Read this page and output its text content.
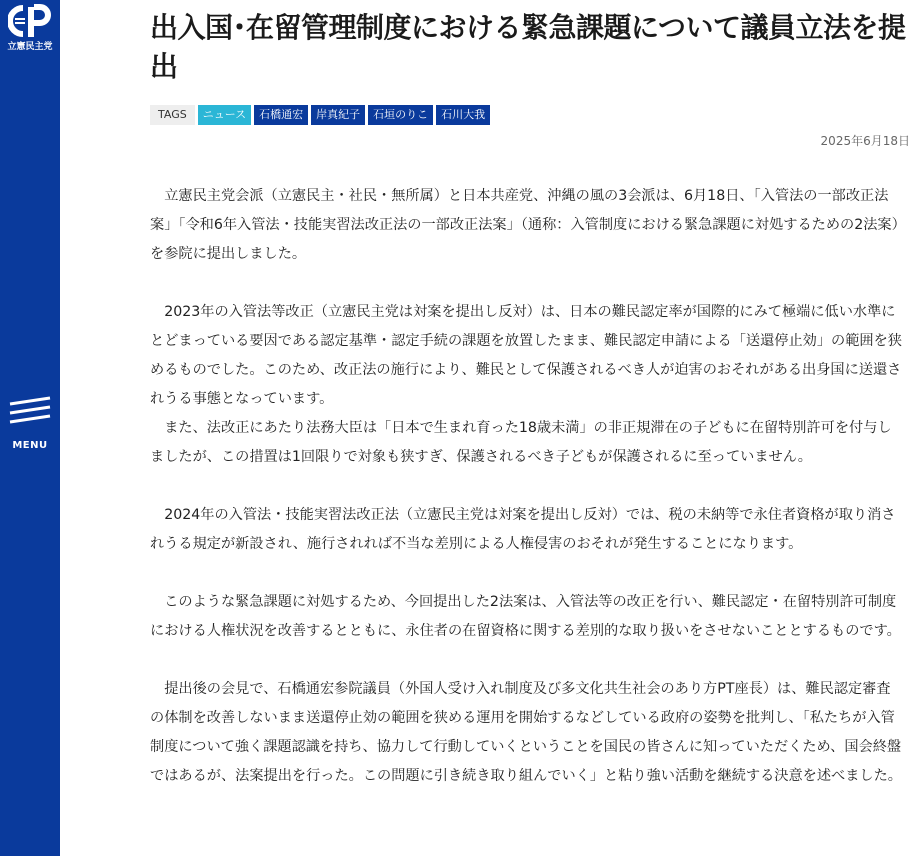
立憲民主党
MENU
出入国･在留管理制度における緊急課題について議員立法を提出
TAGS	ニュース	石橋通宏	岸真紀子	石垣のりこ	石川大我
2025年6月18日

立憲民主党会派（立憲民主・社民・無所属）と日本共産党、沖縄の風の3会派は、6月18日、「入管法の一部改正法案」「令和6年入管法・技能実習法改正法の一部改正法案」（通称：入管制度における緊急課題に対処するための2法案）を参院に提出しました。

2023年の入管法等改正（立憲民主党は対案を提出し反対）は、日本の難民認定率が国際的にみて極端に低い水準にとどまっている要因である認定基準・認定手続の課題を放置したまま、難民認定申請による「送還停止効」の範囲を狭めるものでした。このため、改正法の施行により、難民として保護されるべき人が迫害のおそれがある出身国に送還されうる事態となっています。

また、法改正にあたり法務大臣は「日本で生まれ育った18歳未満」の非正規滞在の子どもに在留特別許可を付与しましたが、この措置は1回限りで対象も狭すぎ、保護されるべき子どもが保護されるに至っていません。

2024年の入管法・技能実習法改正法（立憲民主党は対案を提出し反対）では、税の未納等で永住者資格が取り消されうる規定が新設され、施行されれば不当な差別による人権侵害のおそれが発生することになります。

このような緊急課題に対処するため、今回提出した2法案は、入管法等の改正を行い、難民認定・在留特別許可制度における人権状況を改善するとともに、永住者の在留資格に関する差別的な取り扱いをさせないこととするものです。

提出後の会見で、石橋通宏参院議員（外国人受け入れ制度及び多文化共生社会のあり方PT座長）は、難民認定審査の体制を改善しないまま送還停止効の範囲を狭める運用を開始するなどしている政府の姿勢を批判し、「私たちが入管制度について強く課題認識を持ち、協力して行動していくということを国民の皆さんに知っていただくため、国会終盤ではあるが、法案提出を行った。この問題に引き続き取り組んでいく」と粘り強い活動を継続する決意を述べました。
